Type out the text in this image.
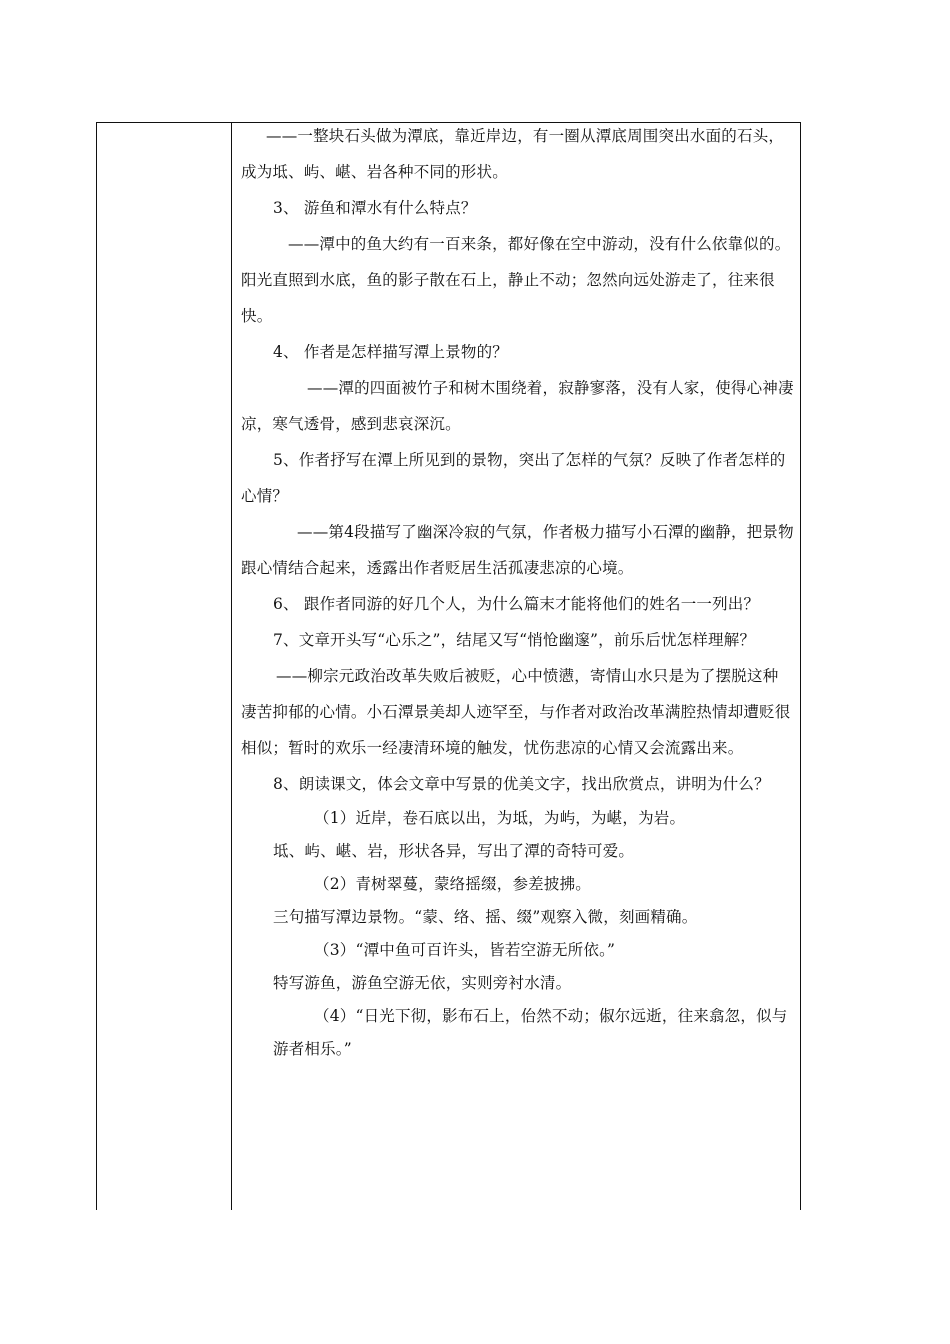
——一整块石头做为潭底，靠近岸边，有一圈从潭底周围突出水面的石头，成为坻、屿、嵁、岩各种不同的形状。

3、 游鱼和潭水有什么特点？

——潭中的鱼大约有一百来条，都好像在空中游动，没有什么依靠似的。阳光直照到水底，鱼的影子散在石上，静止不动；忽然向远处游走了，往来很快。

4、 作者是怎样描写潭上景物的？

——潭的四面被竹子和树木围绕着，寂静寥落，没有人家，使得心神凄凉，寒气透骨，感到悲哀深沉。

5、作者抒写在潭上所见到的景物，突出了怎样的气氛？反映了作者怎样的心情？

——第4段描写了幽深冷寂的气氛，作者极力描写小石潭的幽静，把景物跟心情结合起来，透露出作者贬居生活孤凄悲凉的心境。

6、 跟作者同游的好几个人，为什么篇末才能将他们的姓名一一列出？

7、文章开头写“心乐之”，结尾又写“悄怆幽邃”，前乐后忧怎样理解？

——柳宗元政治改革失败后被贬，心中愤懑，寄情山水只是为了摆脱这种凄苦抑郁的心情。小石潭景美却人迹罕至，与作者对政治改革满腔热情却遭贬很相似；暂时的欢乐一经凄清环境的触发，忧伤悲凉的心情又会流露出来。

8、朗读课文，体会文章中写景的优美文字，找出欣赏点，讲明为什么？

（1）近岸，卷石底以出，为坻，为屿，为嵁，为岩。

坻、屿、嵁、岩，形状各异，写出了潭的奇特可爱。

（2）青树翠蔓，蒙络摇缀，参差披拂。

三句描写潭边景物。“蒙、络、摇、缀”观察入微，刻画精确。

（3）“潭中鱼可百许头，皆若空游无所依。”

特写游鱼，游鱼空游无依，实则旁衬水清。

（4）“日光下彻，影布石上，佁然不动；俶尔远逝，往来翕忽，似与游者相乐。”
